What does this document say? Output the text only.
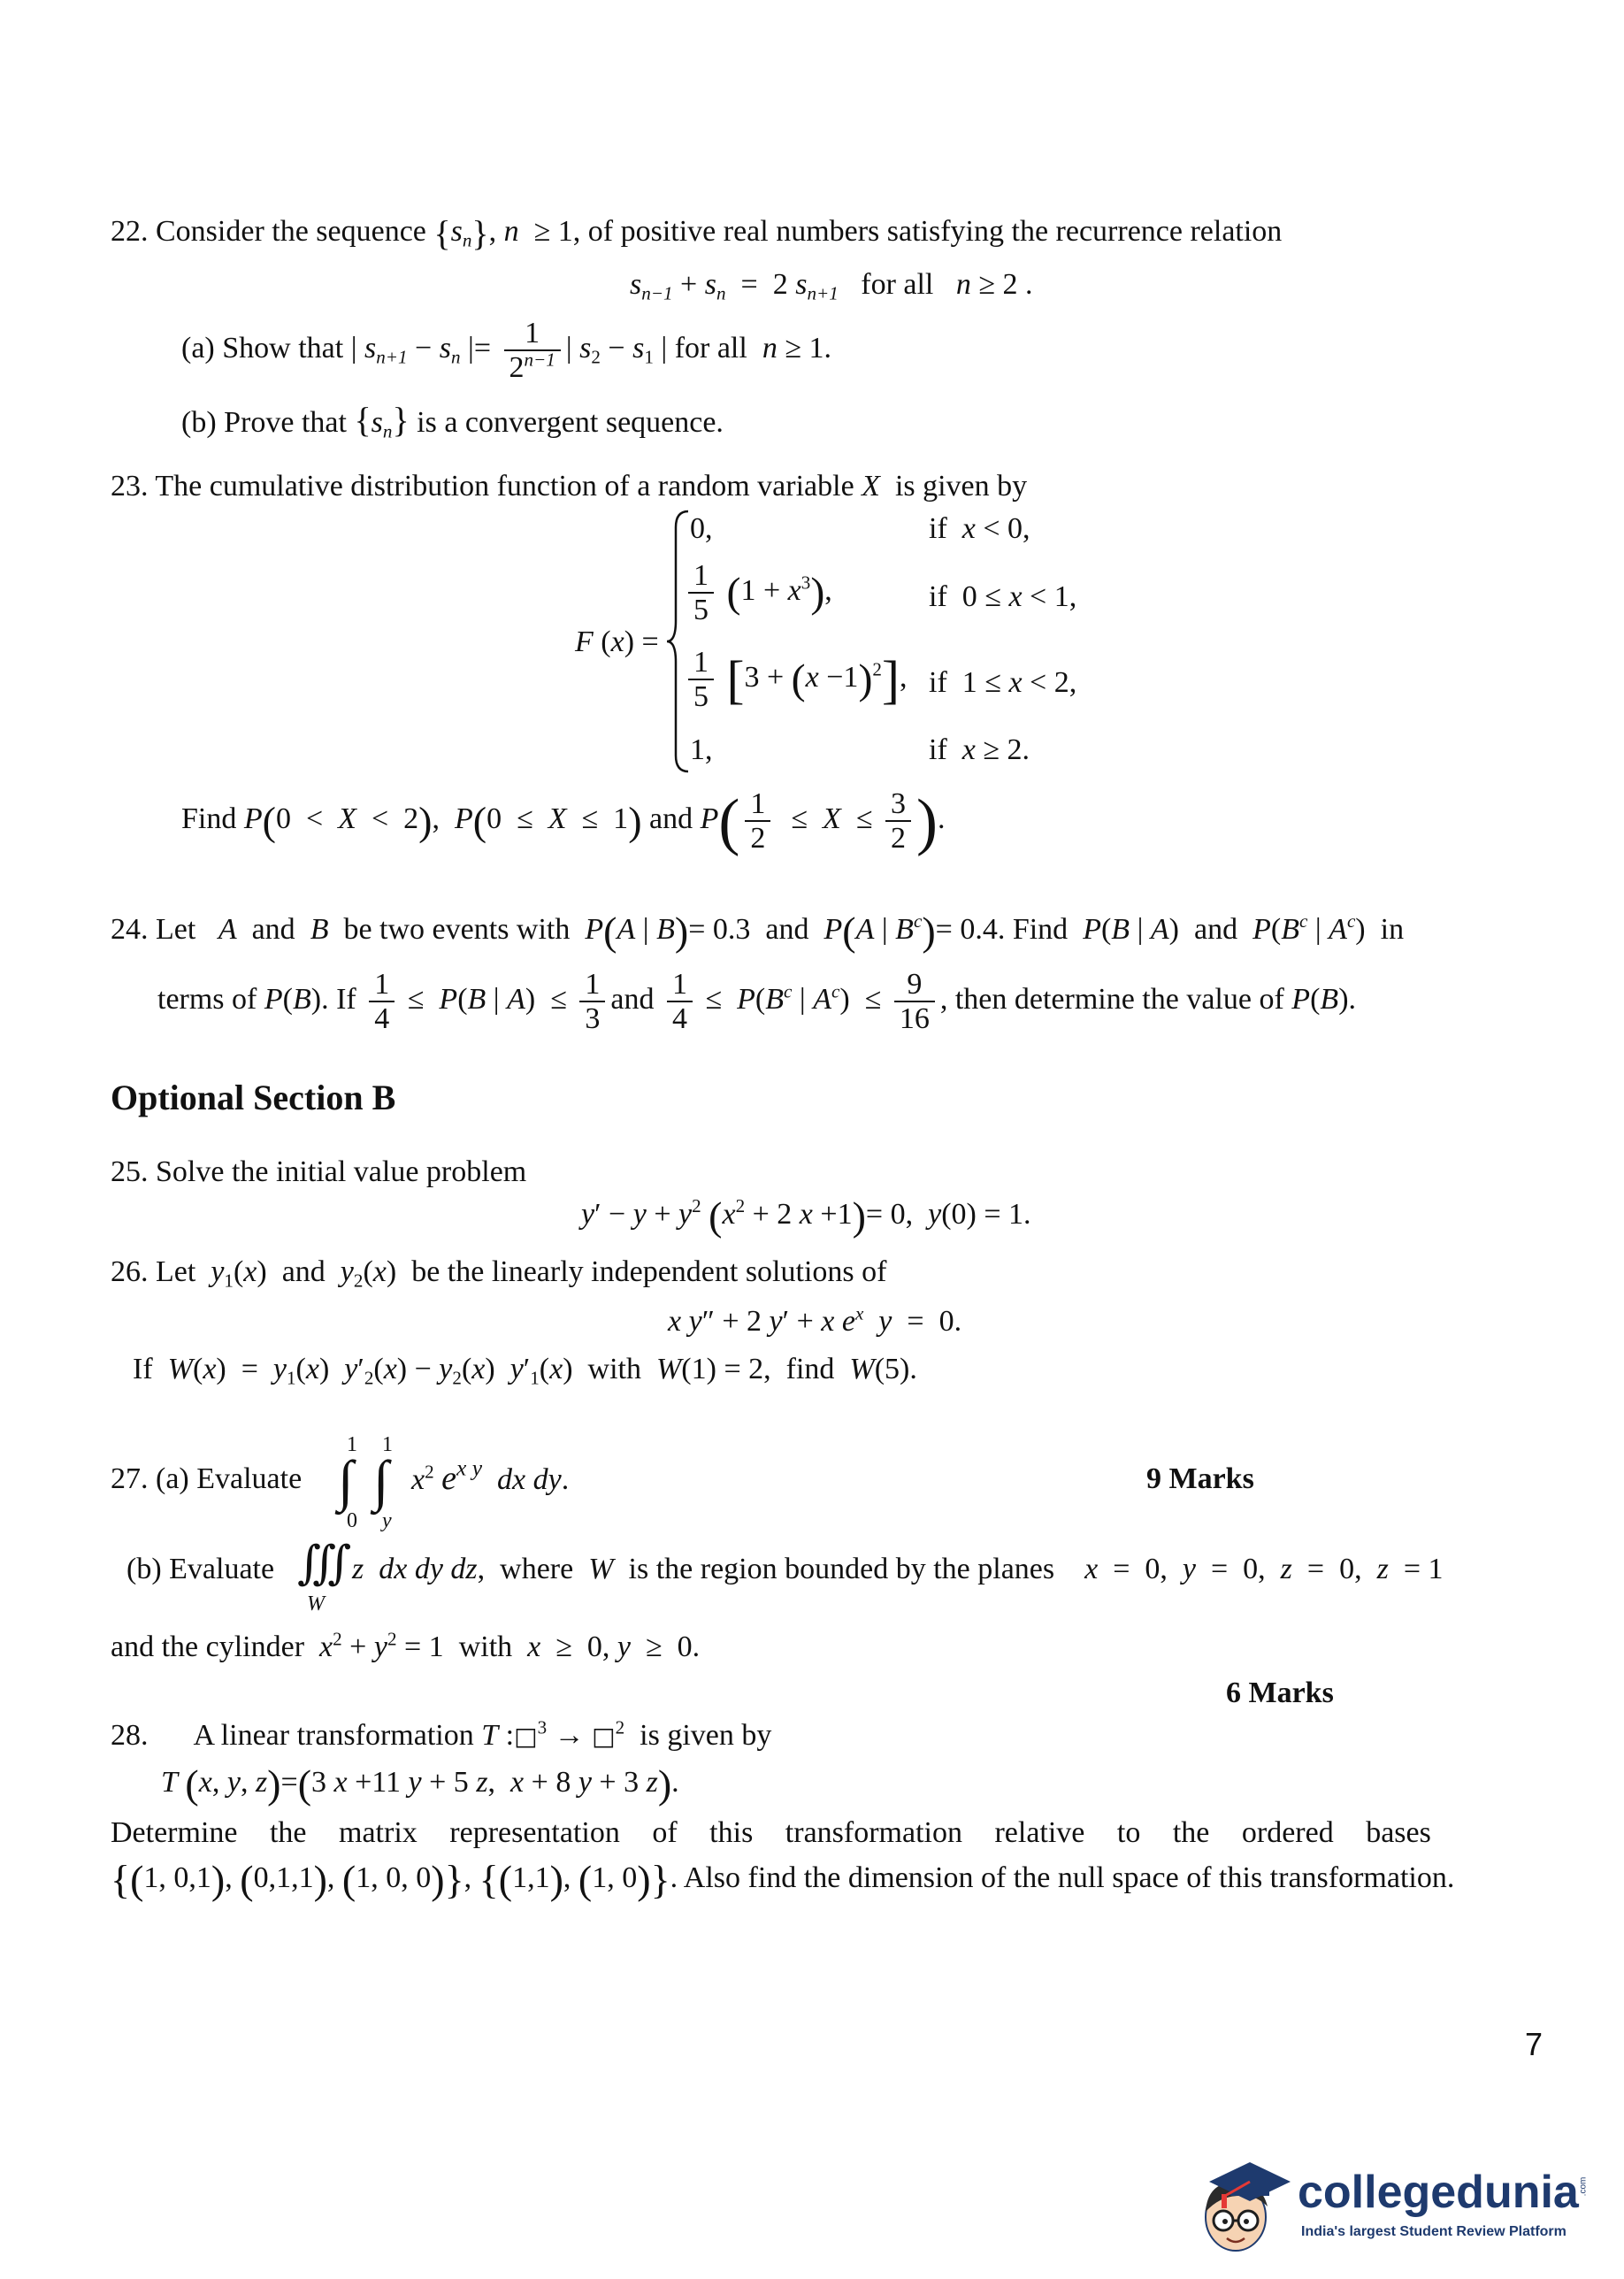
22. Consider the sequence $\{s_n\}$, n  ≥ 1, of positive real numbers satisfying the recurrence relation
$s_{n-1} + s_n = 2$ $s_{n+1}$ for all n ≥ 2 .
(a) Show that | $s_{n+1} - s_n$ |= $\frac{1}{2^{n-1}}$ | $s_2 - s_1$ | for all n ≥ 1.
(b) Prove that $\{s_n\}$ is a convergent sequence.
23. The cumulative distribution function of a random variable X is given by
F (x) =
0,	if x < 0,
$\frac{1}{5} (1 + x^3)$,	if  0 ≤ x < 1,
$\frac{1}{5} [3 + (x -1)^2]$, if  1 ≤ x < 2,
1,	if x ≥ 2.
Find P(0  <  X  <  2),  P(0  ≤  X  ≤  1) and $P( \frac{1}{2} \le X \le \frac{3}{2}$ ).
24. Let A and B be two events with P(A | B)= 0.3  and P(A | $B^c)= 0.4$. Find P(B | A)  and $P(B^c$ | $A^c$)  in
terms of P(B). If $\frac{1}{4} \le P(B$ | $A) \le \frac{1}{3}$ and $\frac{1}{4} \le P(B^c$ | $A^c) \le \frac{9}{16}$ , then determine the value of P(B).
Optional Section B
25. Solve the initial value problem
$y' - y + y^2$ ($x^2 + 2$ x +1)= 0,  y(0) = 1.
26. Let $y_1(x)$  and $y_2(x)$  be the linearly independent solutions of
x y″ + 2 y′ + x $e^x$ y  =  0.
If $W(x) = y_1(x) y'_2(x) - y_2(x)$  $y'_1(x)$  with W(1) = 2,  find W(5).
27. (a) Evaluate
1
∫
0
1
∫
y
$x^2$ $e^{x y}$ dx dy.	9 Marks
(b) Evaluate ∭
W
z dx dy dz,  where W is the region bounded by the planes x  =  0,  y  =  0,  z  =  0,  z  = 1
and the cylinder $x^2 + y^2 = 1$  with x  ≥  0, y  ≥  0.
6 Marks
28. A linear transformation T :□$^3$ → □$^2$ is given by
T (x, y, z)=(3 x +11 y + 5 z,  x + 8 y + 3 z).
Determine the matrix representation of this transformation relative to the ordered bases
{(1, 0,1), (0,1,1), (1, 0, 0)}, {(1,1), (1, 0)}. Also find the dimension of the null space of this transformation.
7
collegedunia
India's largest Student Review Platform
.com
